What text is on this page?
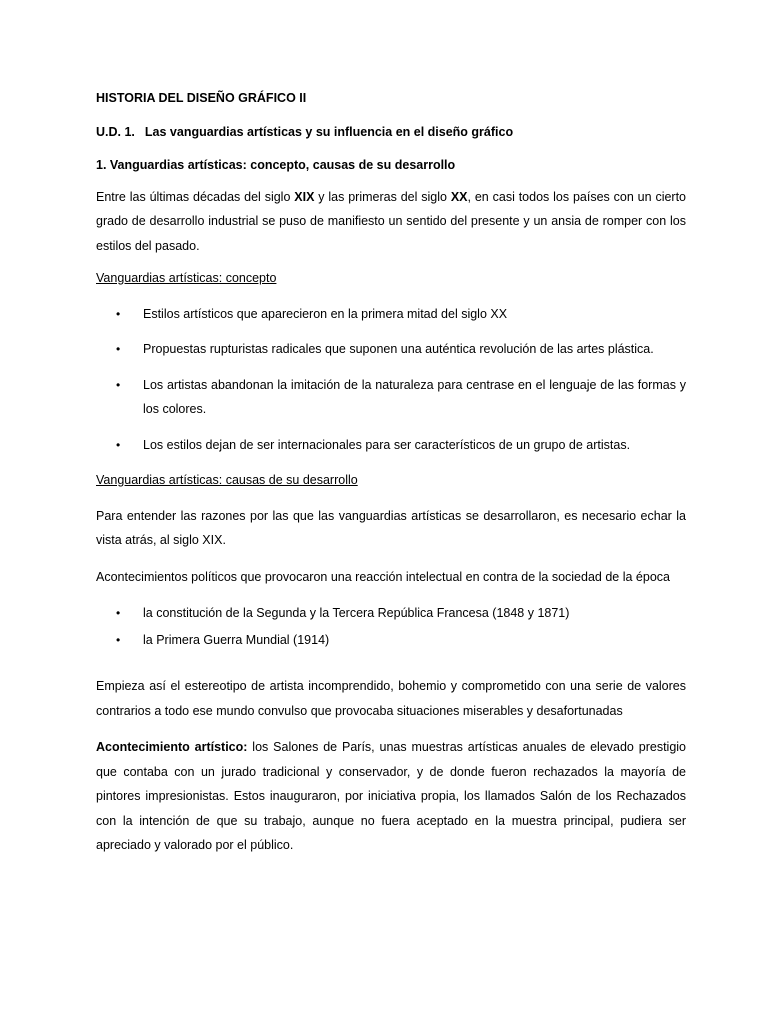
HISTORIA DEL DISEÑO GRÁFICO II
U.D. 1. Las vanguardias artísticas y su influencia en el diseño gráfico
1. Vanguardias artísticas: concepto, causas de su desarrollo

Entre las últimas décadas del siglo XIX y las primeras del siglo XX, en casi todos los países con un cierto grado de desarrollo industrial se puso de manifiesto un sentido del presente y un ansia de romper con los estilos del pasado.

Vanguardias artísticas: concepto
• Estilos artísticos que aparecieron en la primera mitad del siglo XX
• Propuestas rupturistas radicales que suponen una auténtica revolución de las artes plástica.
• Los artistas abandonan la imitación de la naturaleza para centrase en el lenguaje de las formas y los colores.
• Los estilos dejan de ser internacionales para ser característicos de un grupo de artistas.
Vanguardias artísticas: causas de su desarrollo

Para entender las razones por las que las vanguardias artísticas se desarrollaron, es necesario echar la vista atrás, al siglo XIX.

Acontecimientos políticos que provocaron una reacción intelectual en contra de la sociedad de la época

• la constitución de la Segunda y la Tercera República Francesa (1848 y 1871)
• la Primera Guerra Mundial (1914)

Empieza así el estereotipo de artista incomprendido, bohemio y comprometido con una serie de valores contrarios a todo ese mundo convulso que provocaba situaciones miserables y desafortunadas

Acontecimiento artístico: los Salones de París, unas muestras artísticas anuales de elevado prestigio que contaba con un jurado tradicional y conservador, y de donde fueron rechazados la mayoría de pintores impresionistas. Estos inauguraron, por iniciativa propia, los llamados Salón de los Rechazados con la intención de que su trabajo, aunque no fuera aceptado en la muestra principal, pudiera ser apreciado y valorado por el público.
